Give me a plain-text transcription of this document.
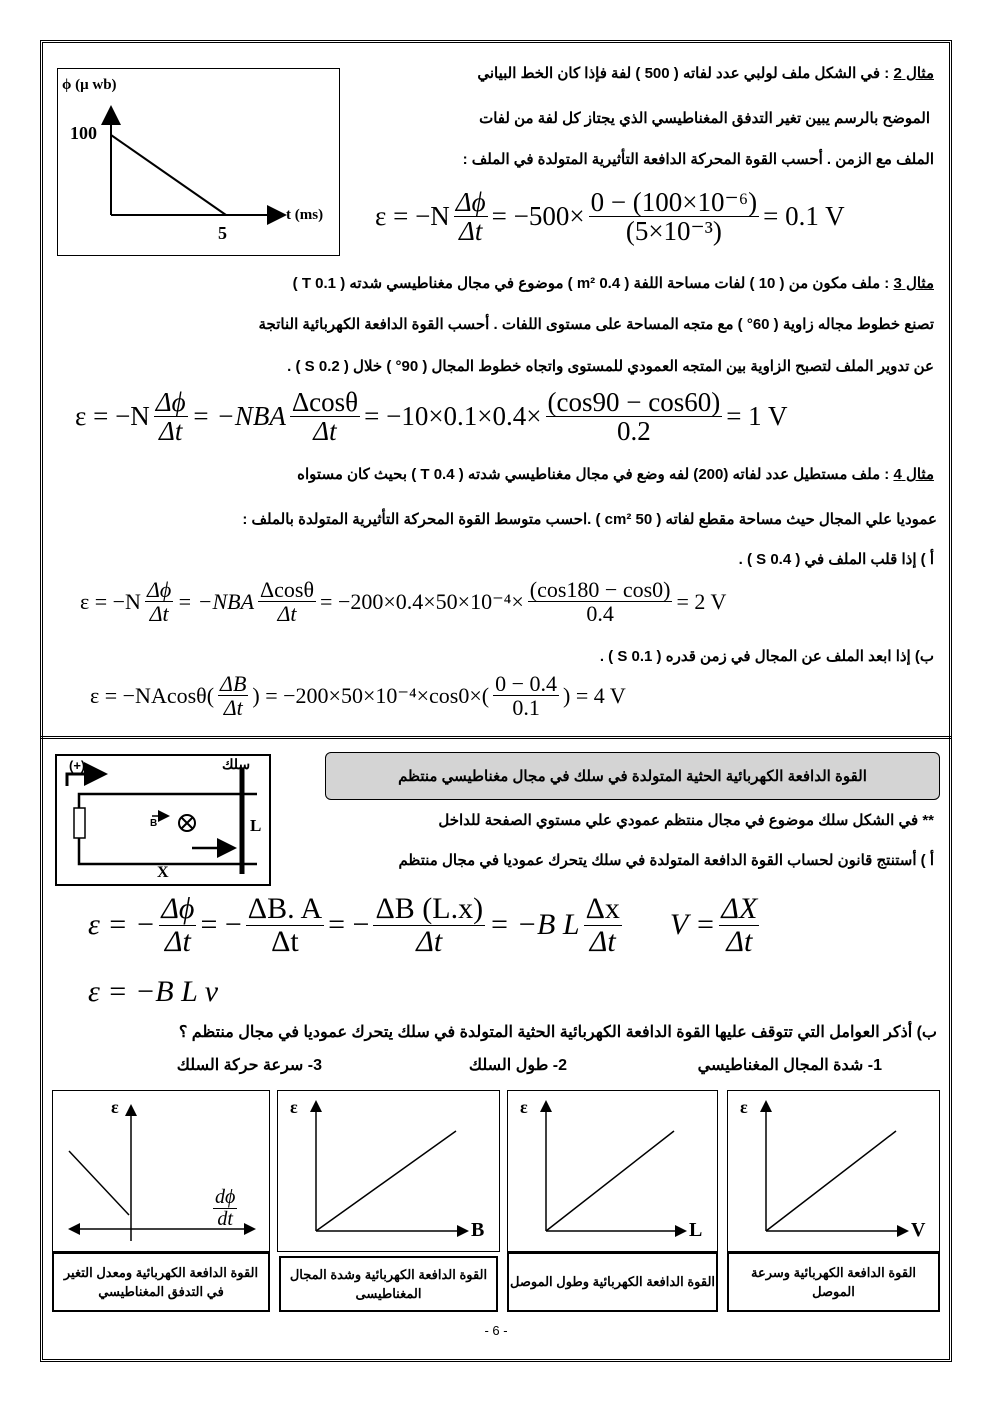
ϕ (μ wb)
100
t (ms)
5
مثال 2 : في الشكل ملف لولبي عدد لفاته ( 500 ) لفة فإذا كان الخط البياني
الموضح بالرسم يبين تغير التدفق المغناطيسي الذي يجتاز كل لفة من لفات
الملف مع الزمن . أحسب القوة المحركة الدافعة التأثيرية المتولدة في الملف :
$\varepsilon = -N \frac{\Delta\phi}{\Delta t} = -500\times \frac{\text{0 − (100×10⁻⁶)}}{\text{(5×10⁻³)}} = 0.1$ V
مثال 3 : ملف مكون من ( 10 ) لفات مساحة اللفة ( 0.4 m² ) موضوع في مجال مغناطيسي شدته ( 0.1 T )
تصنع خطوط مجاله زاوية ( 60° ) مع متجه المساحة على مستوى اللفات . أحسب القوة الدافعة الكهربائية الناتجة
عن تدوير الملف لتصبح الزاوية بين المتجه العمودي للمستوى واتجاه خطوط المجال ( 90° ) خلال ( 0.2 S ) .
$\varepsilon = -N \frac{\Delta\phi}{\Delta t} = -NBA \frac{\Delta\cos\theta}{\Delta t} = -10\times 0.1\times 0.4\times \frac{(\cos 90 - \cos 60)}{0.2} = 1$ V
مثال 4 : ملف مستطيل عدد لفاته (200) لفه وضع في مجال مغناطيسي شدته ( 0.4 T ) بحيث كان مستواه
عموديا علي المجال حيث مساحة مقطع لفاته ( 50 cm² ) .احسب متوسط القوة المحركة التأثيرية المتولدة بالملف :
أ ) إذا قلب الملف في ( 0.4 S ) .
$\varepsilon = -N \frac{\Delta\phi}{\Delta t} = -NBA \frac{\Delta\cos\theta}{\Delta t} = -200\times 0.4\times 50\times 10^{-4}\times \frac{(\cos 180 - \cos 0)}{0.4} = 2$ V
ب) إذا ابعد الملف عن المجال في زمن قدره ( 0.1 S ) .
$\varepsilon = -NAcos\theta( \frac{\Delta B}{\Delta t}$ ) = $-200\times 50\times 10^{-4}\times\cos 0\times( \frac{0 - 0.4}{0.1}$ ) = 4 V
(+)	سلك
B	L
X
القوة الدافعة الكهربائية الحثية المتولدة في سلك في مجال مغناطيسي منتظم
** في الشكل سلك موضوع في مجال منتظم عمودي علي مستوي الصفحة للداخل
أ ) أستنتج قانون لحساب القوة الدافعة المتولدة في سلك يتحرك عموديا في مجال منتظم
ε = − $\frac{\Delta\phi}{\Delta t}$ = − $\frac{\Delta B. A}{\Delta t}$ = − $\frac{\Delta B (L.x)}{\Delta t} = -B$ L $\frac{\Delta x}{\Delta t}$ $V = \frac{\Delta X}{\Delta t}$
ε = −B L v
ب) أذكر العوامل التي تتوقف عليها القوة الدافعة الكهربائية الحثية المتولدة في سلك يتحرك عموديا في مجال منتظم ؟
1- شدة المجال المغناطيسي
2- طول السلك
3- سرعة حركة السلك
ε
$\frac{d\phi}{dt}$
القوة الدافعة الكهربائية ومعدل التغير في التدفق المغناطيسي
ε
B
القوة الدافعة الكهربائية وشدة المجال المغناطيسى
ε
L
القوة الدافعة الكهربائية وطول الموصل
ε
V
القوة الدافعة الكهربائية وسرعة الموصل
- 6 -
